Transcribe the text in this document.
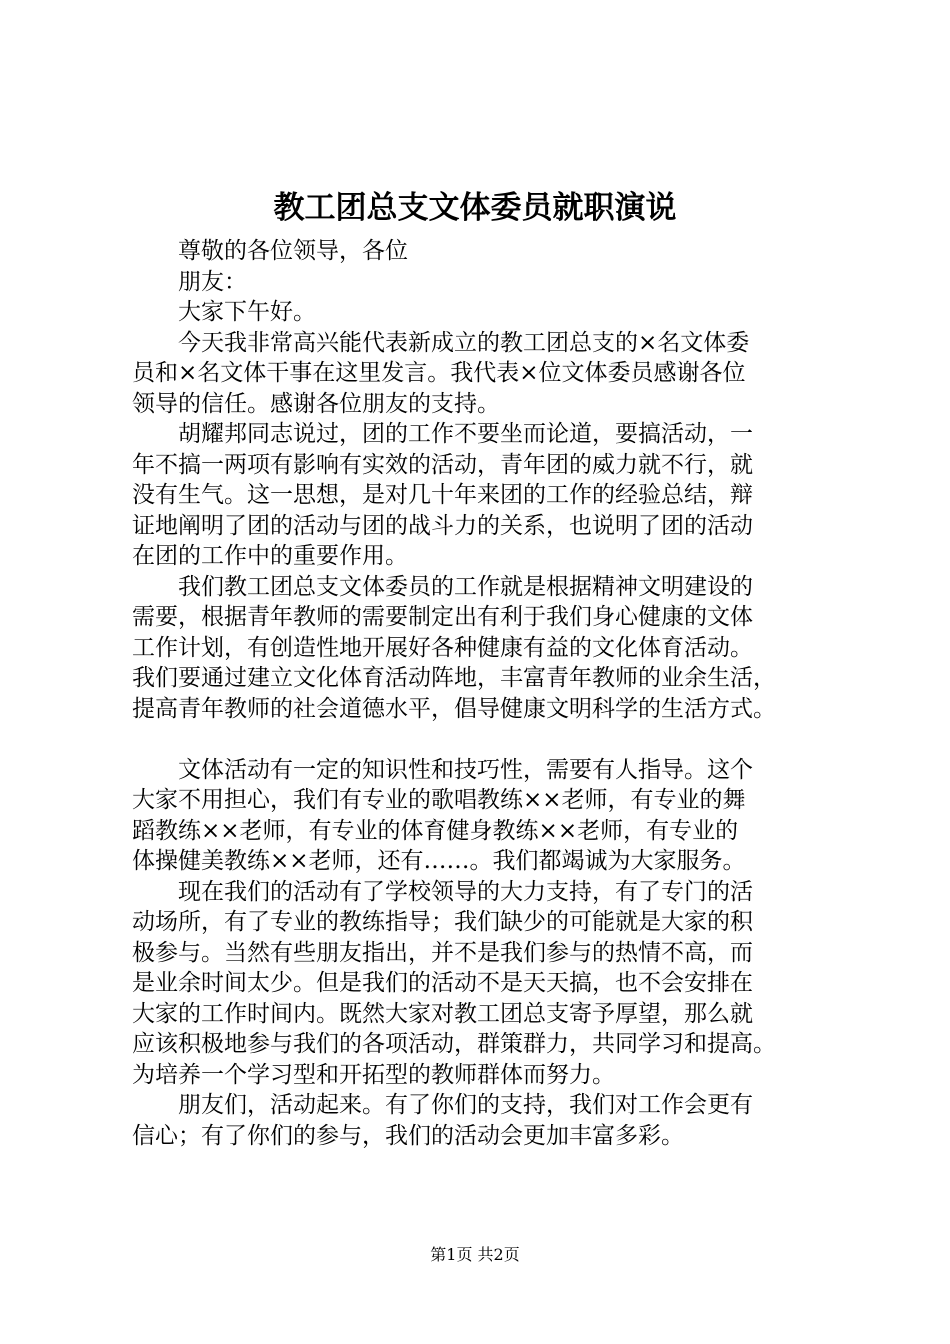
教工团总支文体委员就职演说
尊敬的各位领导，各位
朋友：
大家下午好。
今天我非常高兴能代表新成立的教工团总支的×名文体委
员和×名文体干事在这里发言。我代表×位文体委员感谢各位
领导的信任。感谢各位朋友的支持。
胡耀邦同志说过，团的工作不要坐而论道，要搞活动，一
年不搞一两项有影响有实效的活动，青年团的威力就不行，就
没有生气。这一思想，是对几十年来团的工作的经验总结，辩
证地阐明了团的活动与团的战斗力的关系，也说明了团的活动
在团的工作中的重要作用。
我们教工团总支文体委员的工作就是根据精神文明建设的
需要，根据青年教师的需要制定出有利于我们身心健康的文体
工作计划，有创造性地开展好各种健康有益的文化体育活动。
我们要通过建立文化体育活动阵地，丰富青年教师的业余生活，
提高青年教师的社会道德水平，倡导健康文明科学的生活方式。
文体活动有一定的知识性和技巧性，需要有人指导。这个
大家不用担心，我们有专业的歌唱教练××老师，有专业的舞
蹈教练××老师，有专业的体育健身教练××老师，有专业的
体操健美教练××老师，还有……。我们都竭诚为大家服务。
现在我们的活动有了学校领导的大力支持，有了专门的活
动场所，有了专业的教练指导；我们缺少的可能就是大家的积
极参与。当然有些朋友指出，并不是我们参与的热情不高，而
是业余时间太少。但是我们的活动不是天天搞，也不会安排在
大家的工作时间内。既然大家对教工团总支寄予厚望，那么就
应该积极地参与我们的各项活动，群策群力，共同学习和提高。
为培养一个学习型和开拓型的教师群体而努力。
朋友们，活动起来。有了你们的支持，我们对工作会更有
信心；有了你们的参与，我们的活动会更加丰富多彩。
第1页 共2页
